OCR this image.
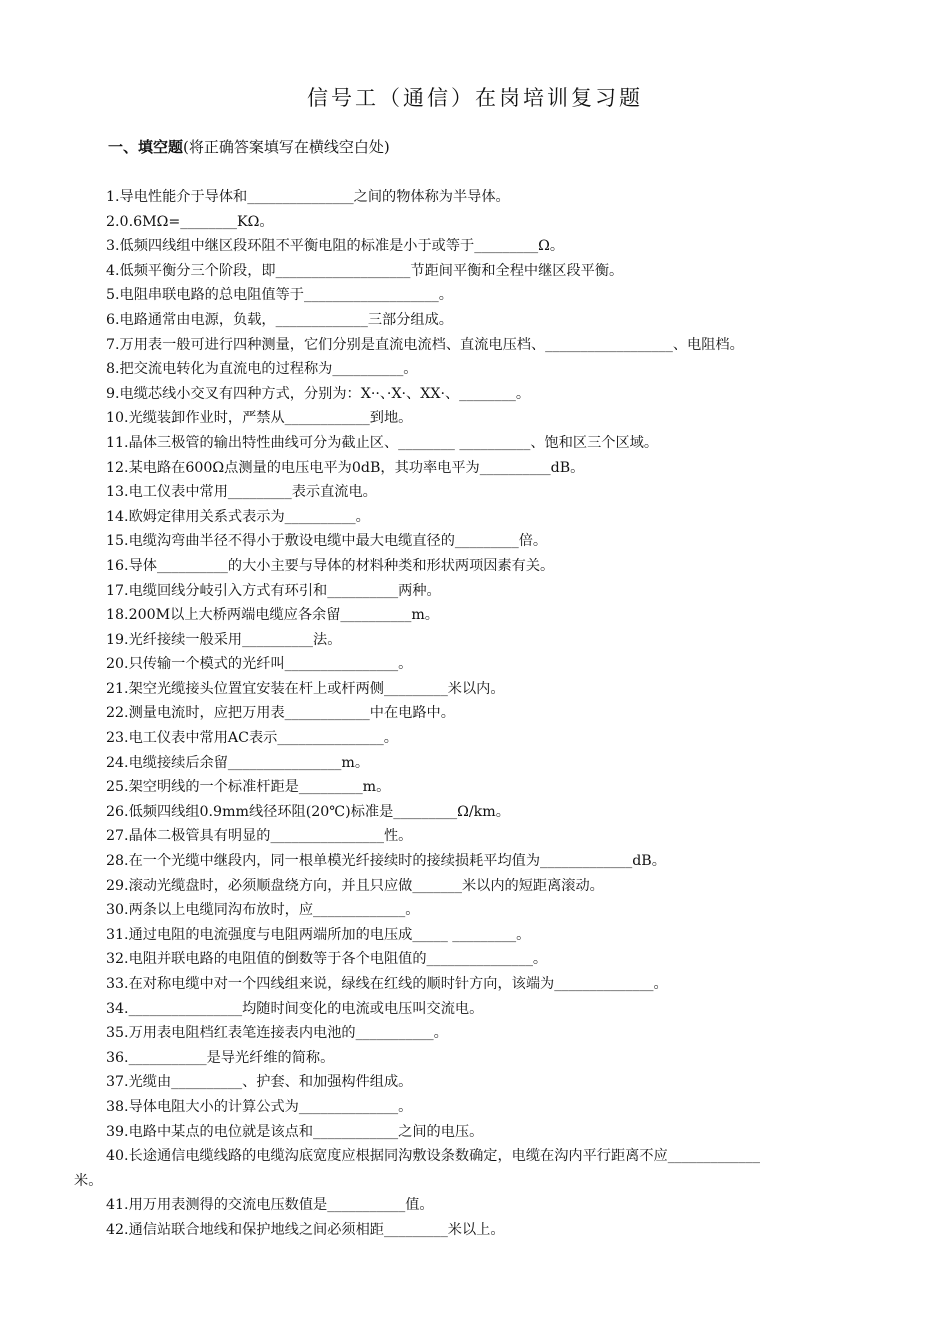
信号工（通信）在岗培训复习题
一、填空题(将正确答案填写在横线空白处)
1.导电性能介于导体和_______________之间的物体称为半导体。
2.0.6MΩ=________KΩ。
3.低频四线组中继区段环阻不平衡电阻的标准是小于或等于_________Ω。
4.低频平衡分三个阶段，即___________________节距间平衡和全程中继区段平衡。
5.电阻串联电路的总电阻值等于___________________。
6.电路通常由电源，负载，_____________三部分组成。
7.万用表一般可进行四种测量，它们分别是直流电流档、直流电压档、__________________、电阻档。
8.把交流电转化为直流电的过程称为__________。
9.电缆芯线小交叉有四种方式，分别为：X··、·X·、XX·、________。
10.光缆装卸作业时，严禁从____________到地。
11.晶体三极管的输出特性曲线可分为截止区、________ __________、饱和区三个区域。
12.某电路在600Ω点测量的电压电平为0dB，其功率电平为__________dB。
13.电工仪表中常用_________表示直流电。
14.欧姆定律用关系式表示为__________。
15.电缆沟弯曲半径不得小于敷设电缆中最大电缆直径的_________倍。
16.导体__________的大小主要与导体的材料种类和形状两项因素有关。
17.电缆回线分岐引入方式有环引和__________两种。
18.200M以上大桥两端电缆应各余留__________m。
19.光纤接续一般采用__________法。
20.只传输一个模式的光纤叫________________。
21.架空光缆接头位置宜安装在杆上或杆两侧_________米以内。
22.测量电流时，应把万用表____________中在电路中。
23.电工仪表中常用AC表示_______________。
24.电缆接续后余留________________m。
25.架空明线的一个标准杆距是_________m。
26.低频四线组0.9mm线径环阻(20℃)标准是_________Ω/km。
27.晶体二极管具有明显的________________性。
28.在一个光缆中继段内，同一根单模光纤接续时的接续损耗平均值为_____________dB。
29.滚动光缆盘时，必须顺盘绕方向，并且只应做_______米以内的短距离滚动。
30.两条以上电缆同沟布放时，应_____________。
31.通过电阻的电流强度与电阻两端所加的电压成_____ _________。
32.电阻并联电路的电阻值的倒数等于各个电阻值的_______________。
33.在对称电缆中对一个四线组来说，绿线在红线的顺时针方向，该端为______________。
34.________________均随时间变化的电流或电压叫交流电。
35.万用表电阻档红表笔连接表内电池的___________。
36.___________是导光纤维的简称。
37.光缆由__________、护套、和加强构件组成。
38.导体电阻大小的计算公式为______________。
39.电路中某点的电位就是该点和____________之间的电压。
40.长途通信电缆线路的电缆沟底宽度应根据同沟敷设条数确定，电缆在沟内平行距离不应_____________
米。
41.用万用表测得的交流电压数值是___________值。
42.通信站联合地线和保护地线之间必须相距_________米以上。
